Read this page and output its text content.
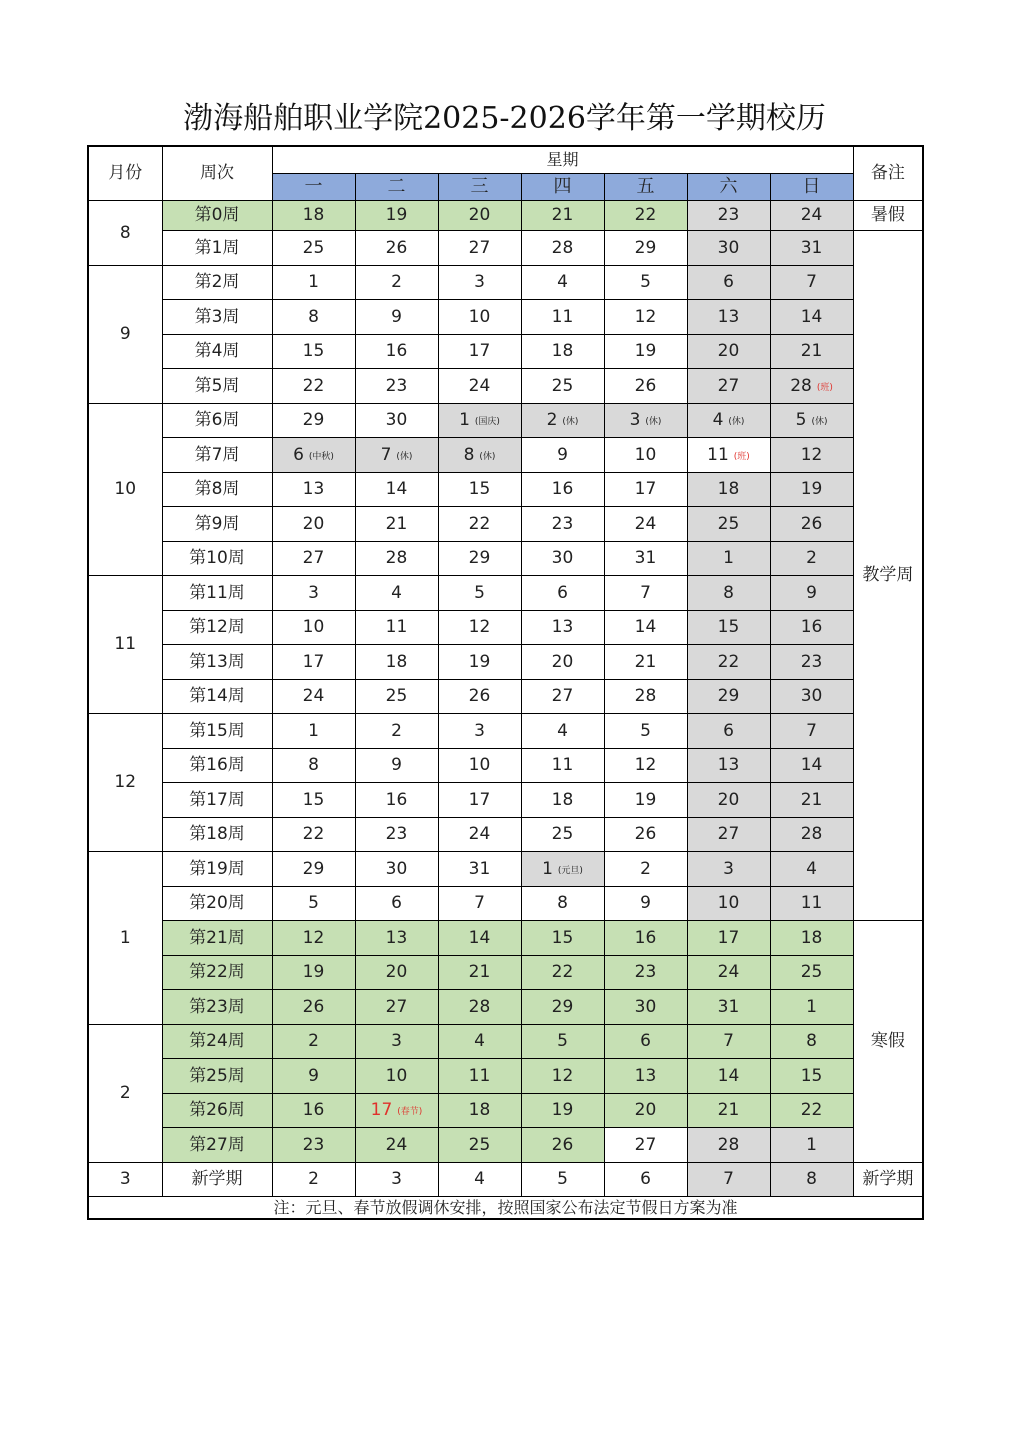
渤海船舶职业学院2025-2026学年第一学期校历
月份	周次	星期							备注
		一	二	三	四	五	六	日	
8	第0周	18	19	20	21	22	23	24	暑假
	第1周	25	26	27	28	29	30	31	教学周
9	第2周	1	2	3	4	5	6	7	
	第3周	8	9	10	11	12	13	14	
	第4周	15	16	17	18	19	20	21	
	第5周	22	23	24	25	26	27	28 (班)	
10	第6周	29	30	1 (国庆)	2 (休)	3 (休)	4 (休)	5 (休)	
	第7周	6 (中秋)	7 (休)	8 (休)	9	10	11 (班)	12	
	第8周	13	14	15	16	17	18	19	
	第9周	20	21	22	23	24	25	26	
	第10周	27	28	29	30	31	1	2	
11	第11周	3	4	5	6	7	8	9	
	第12周	10	11	12	13	14	15	16	
	第13周	17	18	19	20	21	22	23	
	第14周	24	25	26	27	28	29	30	
12	第15周	1	2	3	4	5	6	7	
	第16周	8	9	10	11	12	13	14	
	第17周	15	16	17	18	19	20	21	
	第18周	22	23	24	25	26	27	28	
1	第19周	29	30	31	1 (元旦)	2	3	4	
	第20周	5	6	7	8	9	10	11	
	第21周	12	13	14	15	16	17	18	寒假
	第22周	19	20	21	22	23	24	25	
	第23周	26	27	28	29	30	31	1	
2	第24周	2	3	4	5	6	7	8	
	第25周	9	10	11	12	13	14	15	
	第26周	16	17 (春节)	18	19	20	21	22	
	第27周	23	24	25	26	27	28	1	
3	新学期	2	3	4	5	6	7	8	新学期
注：元旦、春节放假调休安排，按照国家公布法定节假日方案为准									
